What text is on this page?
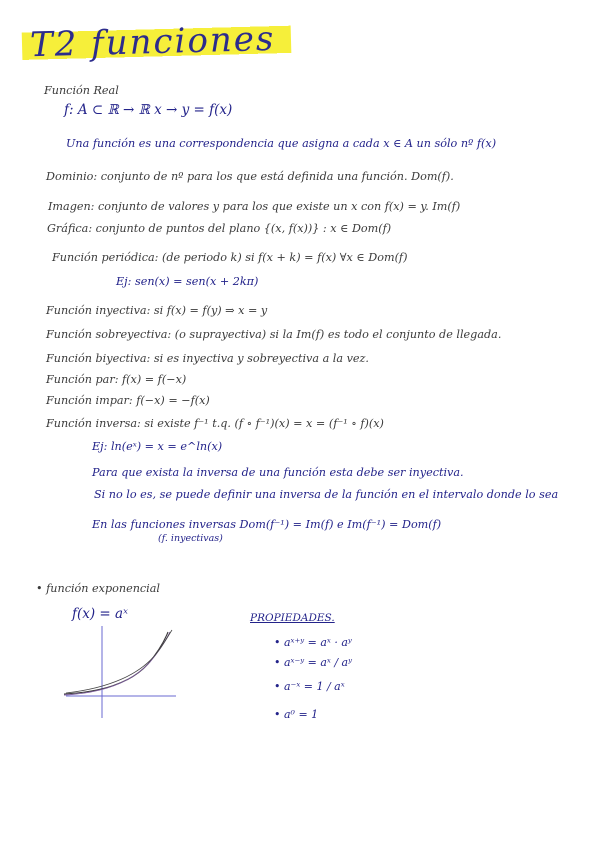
T2 funciones
Función Real
f: A ⊂ ℝ → ℝ x → y = f(x)
Una función es una correspondencia que asigna a cada x ∈ A un sólo nº f(x)
Dominio: conjunto de nº para los que está definida una función. Dom(f).
Imagen: conjunto de valores y para los que existe un x con f(x) = y. Im(f)
Gráfica: conjunto de puntos del plano {(x, f(x))} : x ∈ Dom(f)
Función periódica: (de periodo k) si f(x + k) = f(x) ∀x ∈ Dom(f)
Ej: sen(x) = sen(x + 2kπ)
Función inyectiva: si f(x) = f(y) ⇒ x = y
Función sobreyectiva: (o suprayectiva) si la Im(f) es todo el conjunto de llegada.
Función biyectiva: si es inyectiva y sobreyectiva a la vez.
Función par: f(x) = f(−x)
Función impar: f(−x) = −f(x)
Función inversa: si existe f⁻¹ t.q. (f ∘ f⁻¹)(x) = x = (f⁻¹ ∘ f)(x)
Ej: ln(eˣ) = x = e^ln(x)
Para que exista la inversa de una función esta debe ser inyectiva.
Si no lo es, se puede definir una inversa de la función en el intervalo donde lo sea
En las funciones inversas Dom(f⁻¹) = Im(f) e Im(f⁻¹) = Dom(f)
(f. inyectivas)
• función exponencial
f(x) = aˣ	PROPIEDADES.
• aˣ⁺ʸ = aˣ · aʸ
• aˣ⁻ʸ = aˣ / aʸ
• a⁻ˣ = 1 / aˣ
• a⁰ = 1
